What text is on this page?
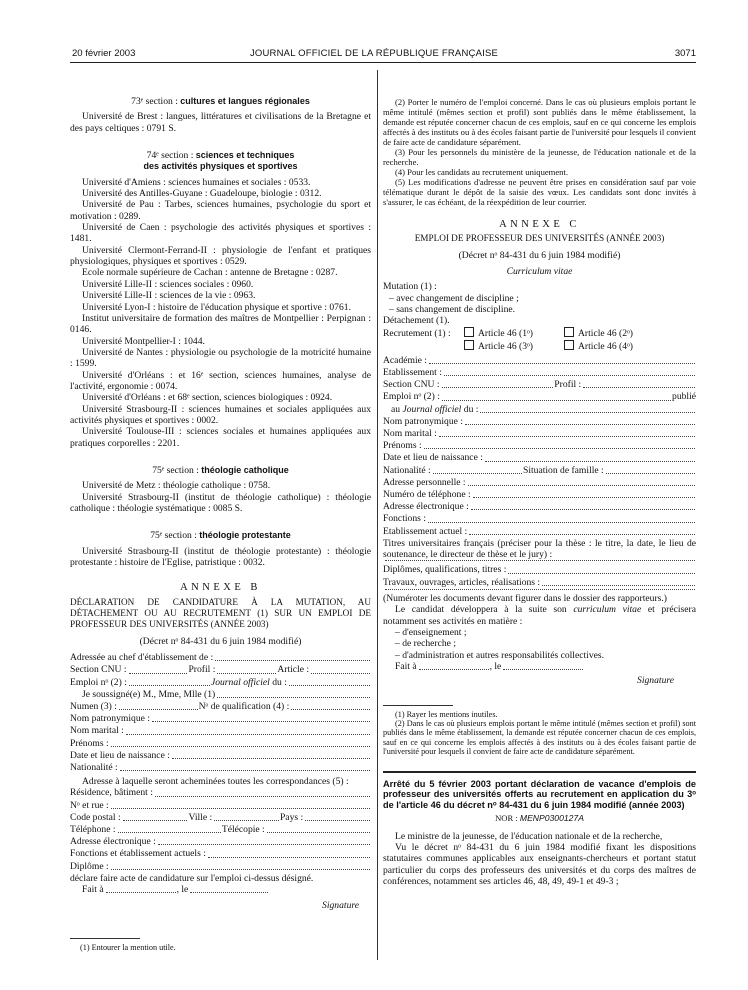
20 février 2003	JOURNAL OFFICIEL DE LA RÉPUBLIQUE FRANÇAISE	3071

73ᵉ section : cultures et langues régionales

Université de Brest : langues, littératures et civilisations de la Bretagne et des pays celtiques : 0791 S.

74ᵉ section : sciences et techniques
des activités physiques et sportives

Université d'Amiens : sciences humaines et sociales : 0533.

Université des Antilles-Guyane : Guadeloupe, biologie : 0312.

Université de Pau : Tarbes, sciences humaines, psychologie du sport et motivation : 0289.

Université de Caen : psychologie des activités physiques et sportives : 1481.

Université Clermont-Ferrand-II : physiologie de l'enfant et pratiques physiologiques, physiques et sportives : 0529.

Ecole normale supérieure de Cachan : antenne de Bretagne : 0287.

Université Lille-II : sciences sociales : 0960.

Université Lille-II : sciences de la vie : 0963.

Université Lyon-I : histoire de l'éducation physique et sportive : 0761.

Institut universitaire de formation des maîtres de Montpellier : Perpignan : 0146.

Université Montpellier-I : 1044.

Université de Nantes : physiologie ou psychologie de la motricité humaine : 1599.

Université d'Orléans : et 16ᵉ section, sciences humaines, analyse de l'activité, ergonomie : 0074.

Université d'Orléans : et 68ᵉ section, sciences biologiques : 0924.

Université Strasbourg-II : sciences humaines et sociales appliquées aux activités physiques et sportives : 0002.

Université Toulouse-III : sciences sociales et humaines appliquées aux pratiques corporelles : 2201.

75ᵉ section : théologie catholique

Université de Metz : théologie catholique : 0758.

Université Strasbourg-II (institut de théologie catholique) : théologie catholique : théologie systématique : 0085 S.

75ᵉ section : théologie protestante

Université Strasbourg-II (institut de théologie protestante) : théologie protestante : histoire de l'Eglise, patristique : 0032.

ANNEXE B

DÉCLARATION DE CANDIDATURE À LA MUTATION, AU DÉTACHEMENT OU AU RECRUTEMENT (1) SUR UN EMPLOI DE PROFESSEUR DES UNIVERSITÉS (ANNÉE 2003)

(Décret nᵒ 84-431 du 6 juin 1984 modifié)

Adressée au chef d'établissement de :
Section CNU :	Profil :	Article :
Emploi nᵒ (2) :	Journal officiel du :
Je soussigné(e) M., Mme, Mlle (1)
Numen (3) :	Nᵒ de qualification (4) :
Nom patronymique :
Nom marital :
Prénoms :
Date et lieu de naissance :
Nationalité :

Adresse à laquelle seront acheminées toutes les correspondances (5) :

Résidence, bâtiment :
Nᵒ et rue :
Code postal :	Ville :	Pays :
Téléphone :	Télécopie :
Adresse électronique :
Fonctions et établissement actuels :
Diplôme :

déclare faire acte de candidature sur l'emploi ci-dessus désigné.

Fait à	, le

Signature

(1) Entourer la mention utile.

(2) Porter le numéro de l'emploi concerné. Dans le cas où plusieurs emplois portant le même intitulé (mêmes section et profil) sont publiés dans le même établissement, la demande est réputée concerner chacun de ces emplois, sauf en ce qui concerne les emplois affectés à des instituts ou à des écoles faisant partie de l'université pour lesquels il convient de faire acte de candidature séparément.

(3) Pour les personnels du ministère de la jeunesse, de l'éducation nationale et de la recherche.

(4) Pour les candidats au recrutement uniquement.

(5) Les modifications d'adresse ne peuvent être prises en considération sauf par voie télématique durant le dépôt de la saisie des vœux. Les candidats sont donc invités à s'assurer, le cas échéant, de la réexpédition de leur courrier.

ANNEXE C

EMPLOI DE PROFESSEUR DES UNIVERSITÉS (ANNÉE 2003)

(Décret nᵒ 84-431 du 6 juin 1984 modifié)

Curriculum vitae

Mutation (1) :

– avec changement de discipline ;

– sans changement de discipline.

Détachement (1).

Recrutement (1) :	Article 46 (1ᵒ)	Article 46 (2ᵒ)
Article 46 (3ᵒ)	Article 46 (4ᵒ)
Académie :
Etablissement :
Section CNU :	Profil :
Emploi nᵒ (2) :	publié
au Journal officiel du :
Nom patronymique :
Nom marital :
Prénoms :
Date et lieu de naissance :
Nationalité :	Situation de famille :
Adresse personnelle :
Numéro de téléphone :
Adresse électronique :
Fonctions :
Etablissement actuel :

Titres universitaires français (préciser pour la thèse : le titre, la date, le lieu de soutenance, le directeur de thèse et le jury) :

Diplômes, qualifications, titres :
Travaux, ouvrages, articles, réalisations :

(Numéroter les documents devant figurer dans le dossier des rapporteurs.)

Le candidat développera à la suite son curriculum vitae et précisera notamment ses activités en matière :

– d'enseignement ;

– de recherche ;

– d'administration et autres responsabilités collectives.

Fait à	, le

Signature

(1) Rayer les mentions inutiles.

(2) Dans le cas où plusieurs emplois portant le même intitulé (mêmes section et profil) sont publiés dans le même établissement, la demande est réputée concerner chacun de ces emplois, sauf en ce qui concerne les emplois affectés à des instituts ou à des écoles faisant partie de l'université pour lesquels il convient de faire acte de candidature séparément.

Arrêté du 5 février 2003 portant déclaration de vacance d'emplois de professeur des universités offerts au recrutement en application du 3ᵒ de l'article 46 du décret nᵒ 84-431 du 6 juin 1984 modifié (année 2003)

NOR : MENP0300127A

Le ministre de la jeunesse, de l'éducation nationale et de la recherche,

Vu le décret nᵒ 84-431 du 6 juin 1984 modifié fixant les dispositions statutaires communes applicables aux enseignants-chercheurs et portant statut particulier du corps des professeurs des universités et du corps des maîtres de conférences, notamment ses articles 46, 48, 49, 49-1 et 49-3 ;
